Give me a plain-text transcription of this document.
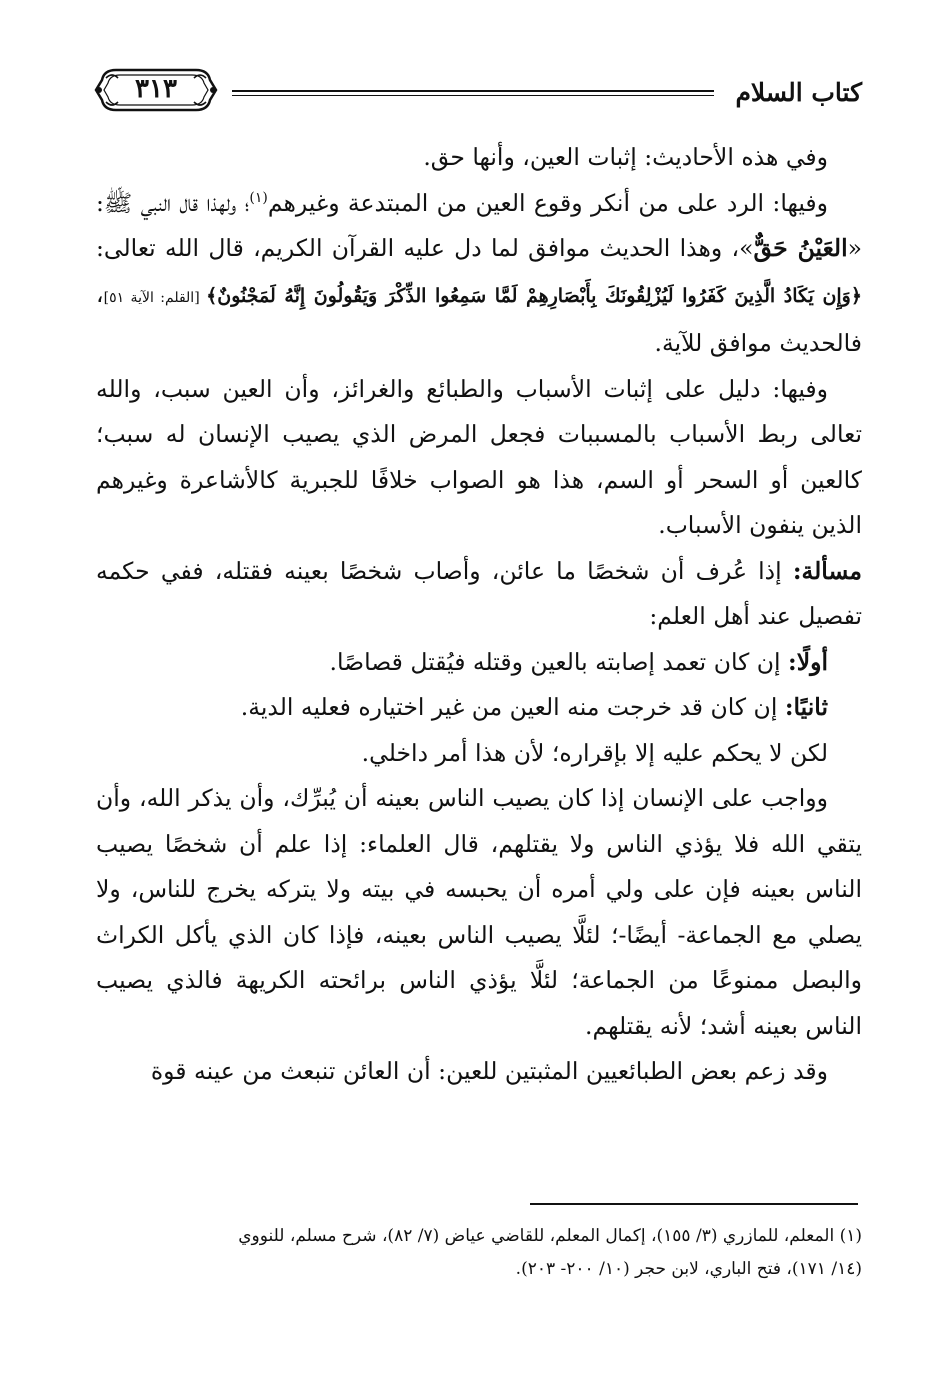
كتاب السلام
٣١٣

وفي هذه الأحاديث: إثبات العين، وأنها حق.

وفيها: الرد على من أنكر وقوع العين من المبتدعة وغيرهم$^{(١)}$؛ ولهذا قال النبي ﷺ: «العَيْنُ حَقٌّ»، وهذا الحديث موافق لما دل عليه القرآن الكريم، قال الله تعالى: ﴿وَإِن يَكَادُ الَّذِينَ كَفَرُوا لَيُزْلِقُونَكَ بِأَبْصَارِهِمْ لَمَّا سَمِعُوا الذِّكْرَ وَيَقُولُونَ إِنَّهُ لَمَجْنُونٌ﴾ [القلم: الآية ٥١]، فالحديث موافق للآية.

وفيها: دليل على إثبات الأسباب والطبائع والغرائز، وأن العين سبب، والله تعالى ربط الأسباب بالمسببات فجعل المرض الذي يصيب الإنسان له سبب؛ كالعين أو السحر أو السم، هذا هو الصواب خلافًا للجبرية كالأشاعرة وغيرهم الذين ينفون الأسباب.

مسألة: إذا عُرف أن شخصًا ما عائن، وأصاب شخصًا بعينه فقتله، ففي حكمه تفصيل عند أهل العلم:

أولًا: إن كان تعمد إصابته بالعين وقتله فيُقتل قصاصًا.

ثانيًا: إن كان قد خرجت منه العين من غير اختياره فعليه الدية.

لكن لا يحكم عليه إلا بإقراره؛ لأن هذا أمر داخلي.

وواجب على الإنسان إذا كان يصيب الناس بعينه أن يُبرِّك، وأن يذكر الله، وأن يتقي الله فلا يؤذي الناس ولا يقتلهم، قال العلماء: إذا علم أن شخصًا يصيب الناس بعينه فإن على ولي أمره أن يحبسه في بيته ولا يتركه يخرج للناس، ولا يصلي مع الجماعة- أيضًا-؛ لئلَّا يصيب الناس بعينه، فإذا كان الذي يأكل الكراث والبصل ممنوعًا من الجماعة؛ لئلَّا يؤذي الناس برائحته الكريهة فالذي يصيب الناس بعينه أشد؛ لأنه يقتلهم.

وقد زعم بعض الطبائعيين المثبتين للعين: أن العائن تنبعث من عينه قوة

(١) المعلم، للمازري (٣/ ١٥٥)، إكمال المعلم، للقاضي عياض (٧/ ٨٢)، شرح مسلم، للنووي

(١٤/ ١٧١)، فتح الباري، لابن حجر (١٠/ ٢٠٠- ٢٠٣).
